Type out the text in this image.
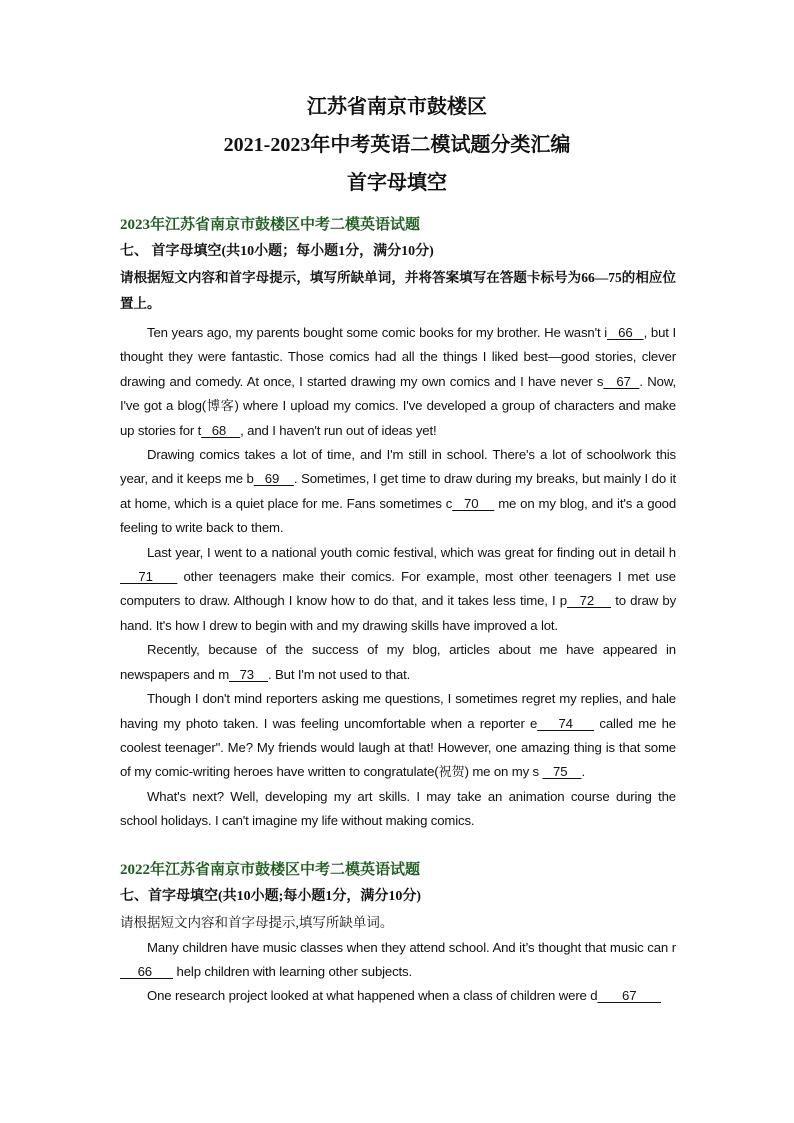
江苏省南京市鼓楼区

2021-2023年中考英语二模试题分类汇编

首字母填空

2023年江苏省南京市鼓楼区中考二模英语试题

七、 首字母填空(共10小题；每小题1分，满分10分)

请根据短文内容和首字母提示，填写所缺单词，并将答案填写在答题卡标号为66—75的相应位置上。

Ten years ago, my parents bought some comic books for my brother. He wasn't i   66   , but I thought they were fantastic. Those comics had all the things I liked best—good stories, clever drawing and comedy. At once, I started drawing my own comics and I have never s   67  . Now, I've got a blog(博客) where I upload my comics. I've developed a group of characters and make up stories for t   68    , and I haven't run out of ideas yet!

Drawing comics takes a lot of time, and I'm still in school. There's a lot of schoolwork this year, and it keeps me b   69    . Sometimes, I get time to draw during my breaks, but mainly I do it at home, which is a quiet place for me. Fans sometimes c   70     me on my blog, and it's a good feeling to write back to them.

Last year, I went to a national youth comic festival, which was great for finding out in detail h    71     other teenagers make their comics. For example, most other teenagers I met use computers to draw. Although I know how to do that, and it takes less time, I p   72     to draw by hand. It's how I drew to begin with and my drawing skills have improved a lot.

Recently, because of the success of my blog, articles about me have appeared in newspapers and m   73    . But I'm not used to that.

Though I don't mind reporters asking me questions, I sometimes regret my replies, and hale having my photo taken. I was feeling uncomfortable when a reporter e    74     called me he coolest teenager". Me? My friends would laugh at that! However, one amazing thing is that some of my comic-writing heroes have written to congratulate(祝贺) me on my s    75    .

What's next? Well, developing my art skills. I may take an animation course during the school holidays. I can't imagine my life without making comics.

2022年江苏省南京市鼓楼区中考二模英语试题

七、首字母填空(共10小题;每小题1分，满分10分)

请根据短文内容和首字母提示,填写所缺单词。

Many children have music classes when they attend school. And it’s thought that music can r     66       help children with learning other subjects.

One research project looked at what happened when a class of children were d       67
